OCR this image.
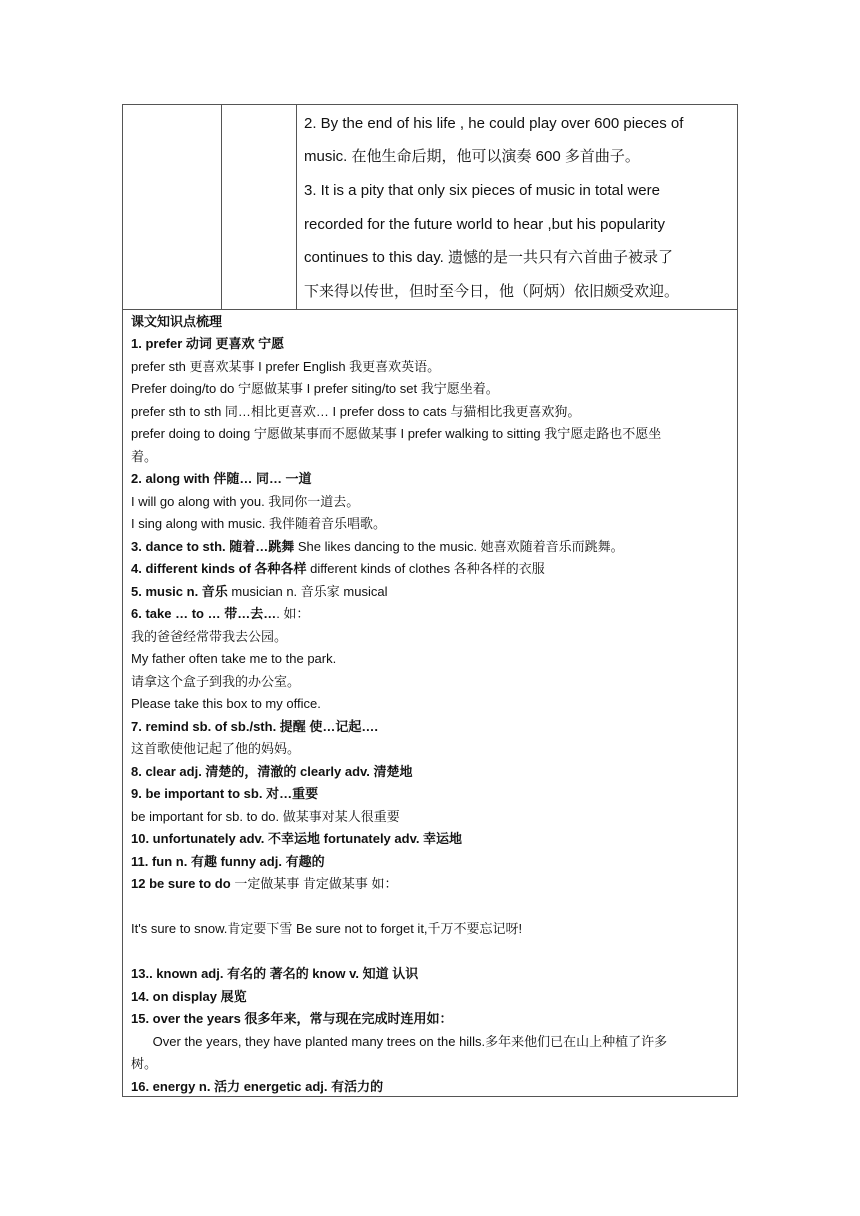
2. By the end of his life , he could play over 600 pieces of

music. 在他生命后期，他可以演奏 600 多首曲子。

3. It is a pity that only six pieces of music in total were

recorded for the future world to hear ,but his popularity

continues to this day. 遗憾的是一共只有六首曲子被录了

下来得以传世，但时至今日，他（阿炳）依旧颇受欢迎。

课文知识点梳理
1. prefer 动词 更喜欢 宁愿
prefer sth 更喜欢某事 I prefer English 我更喜欢英语。
Prefer doing/to do 宁愿做某事 I prefer siting/to set 我宁愿坐着。
prefer sth to sth 同…相比更喜欢… I prefer doss to cats 与猫相比我更喜欢狗。
prefer doing to doing 宁愿做某事而不愿做某事 I prefer walking to sitting 我宁愿走路也不愿坐
着。
2. along with 伴随… 同… 一道
I will go along with you. 我同你一道去。
I sing along with music. 我伴随着音乐唱歌。
3. dance to sth. 随着…跳舞 She likes dancing to the music. 她喜欢随着音乐而跳舞。
4. different kinds of 各种各样 different kinds of clothes 各种各样的衣服
5. music n. 音乐 musician n. 音乐家 musical
6. take … to … 带…去…. 如：
我的爸爸经常带我去公园。
My father often take me to the park.
请拿这个盒子到我的办公室。
Please take this box to my office.
7. remind sb. of sb./sth. 提醒 使…记起….
这首歌使他记起了他的妈妈。
8. clear adj. 清楚的，清澈的 clearly adv. 清楚地
9. be important to sb. 对…重要
be important for sb. to do. 做某事对某人很重要
10. unfortunately adv. 不幸运地 fortunately adv. 幸运地
11. fun n. 有趣 funny adj. 有趣的
12 be sure to do 一定做某事 肯定做某事 如：
It's sure to snow.肯定要下雪 Be sure not to forget it,千万不要忘记呀!
13.. known adj. 有名的 著名的 know v. 知道 认识
14. on display 展览
15. over the years 很多年来，常与现在完成时连用如：
Over the years, they have planted many trees on the hills.多年来他们已在山上种植了许多
树。
16. energy n. 活力 energetic adj. 有活力的
